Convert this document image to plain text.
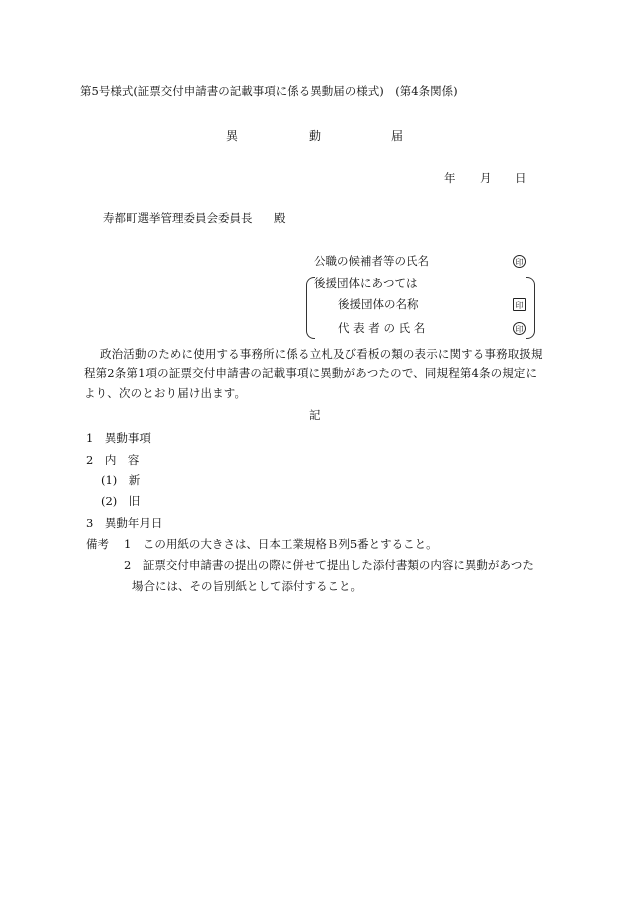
第5号様式(証票交付申請書の記載事項に係る異動届の様式)　(第4条関係)
異	動	届
年 月 日
寿都町選挙管理委員会委員長 殿
公職の候補者等の氏名	印
後援団体にあつては
後援団体の名称	印
代 表 者 の 氏 名	印
政治活動のために使用する事務所に係る立札及び看板の類の表示に関する事務取扱規
程第2条第1項の証票交付申請書の記載事項に異動があつたので、同規程第4条の規定に
より、次のとおり届け出ます。
記
1　異動事項
2　内　容
(1)　新
(2)　旧
3　異動年月日
備考 1　この用紙の大きさは、日本工業規格Ｂ列5番とすること。
2　証票交付申請書の提出の際に併せて提出した添付書類の内容に異動があつた
場合には、その旨別紙として添付すること。
